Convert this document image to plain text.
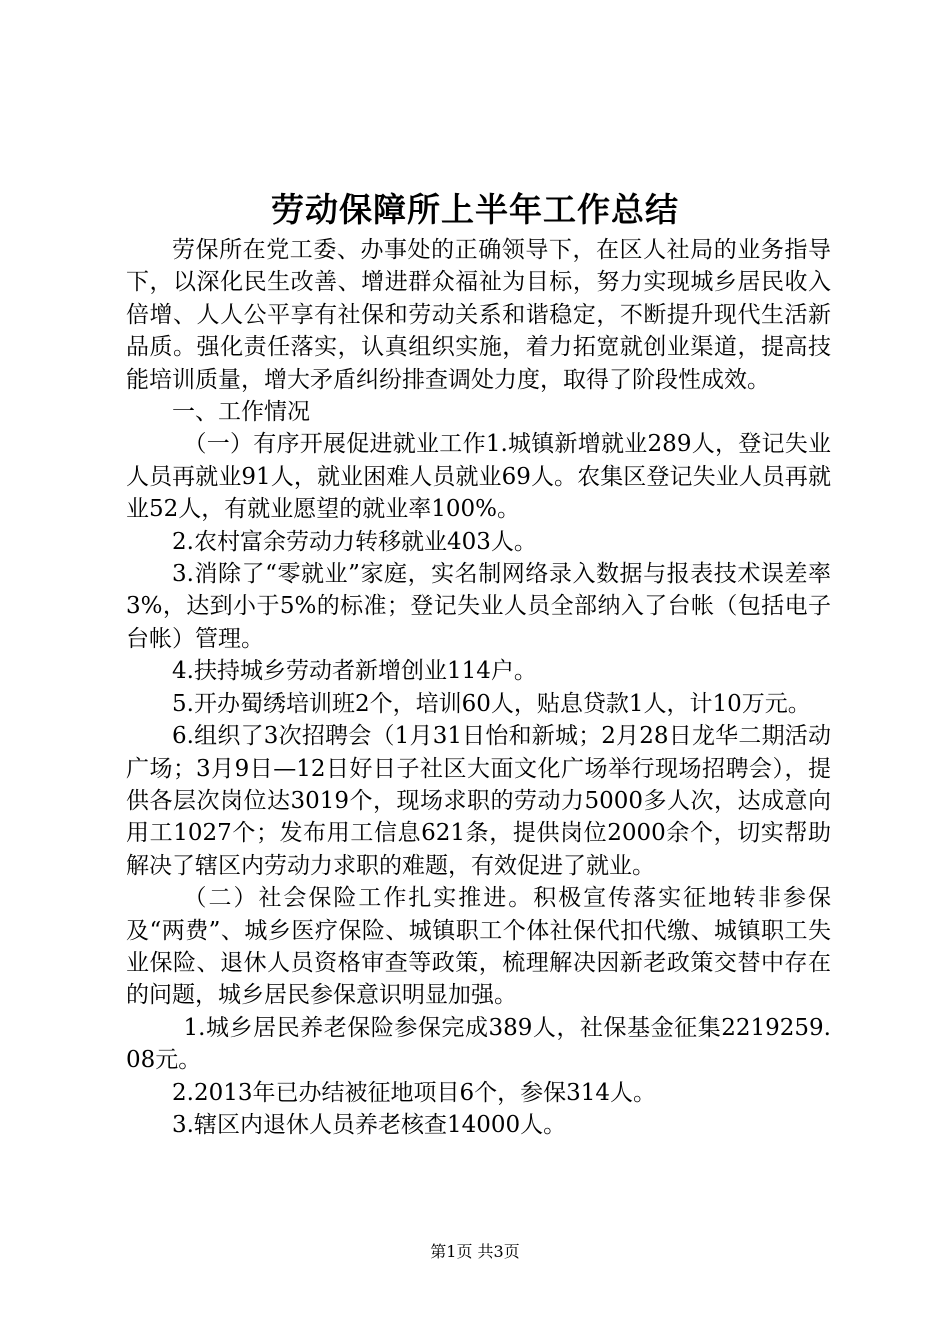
劳动保障所上半年工作总结

劳保所在党工委、办事处的正确领导下，在区人社局的业务指导下，以深化民生改善、增进群众福祉为目标，努力实现城乡居民收入倍增、人人公平享有社保和劳动关系和谐稳定，不断提升现代生活新品质。强化责任落实，认真组织实施，着力拓宽就创业渠道，提高技能培训质量，增大矛盾纠纷排查调处力度，取得了阶段性成效。

一、工作情况

（一）有序开展促进就业工作1.城镇新增就业289人，登记失业人员再就业91人，就业困难人员就业69人。农集区登记失业人员再就业52人，有就业愿望的就业率100%。

2.农村富余劳动力转移就业403人。

3.消除了“零就业”家庭，实名制网络录入数据与报表技术误差率3%，达到小于5%的标准；登记失业人员全部纳入了台帐（包括电子台帐）管理。

4.扶持城乡劳动者新增创业114户。

5.开办蜀绣培训班2个，培训60人，贴息贷款1人，计10万元。

6.组织了3次招聘会（1月31日怡和新城；2月28日龙华二期活动广场；3月9日—12日好日子社区大面文化广场举行现场招聘会），提供各层次岗位达3019个，现场求职的劳动力5000多人次，达成意向用工1027个；发布用工信息621条，提供岗位2000余个，切实帮助解决了辖区内劳动力求职的难题，有效促进了就业。

（二）社会保险工作扎实推进。积极宣传落实征地转非参保及“两费”、城乡医疗保险、城镇职工个体社保代扣代缴、城镇职工失业保险、退休人员资格审查等政策，梳理解决因新老政策交替中存在的问题，城乡居民参保意识明显加强。

1.城乡居民养老保险参保完成389人，社保基金征集2219259.08元。

2.2013年已办结被征地项目6个，参保314人。

3.辖区内退休人员养老核查14000人。

第1页 共3页
